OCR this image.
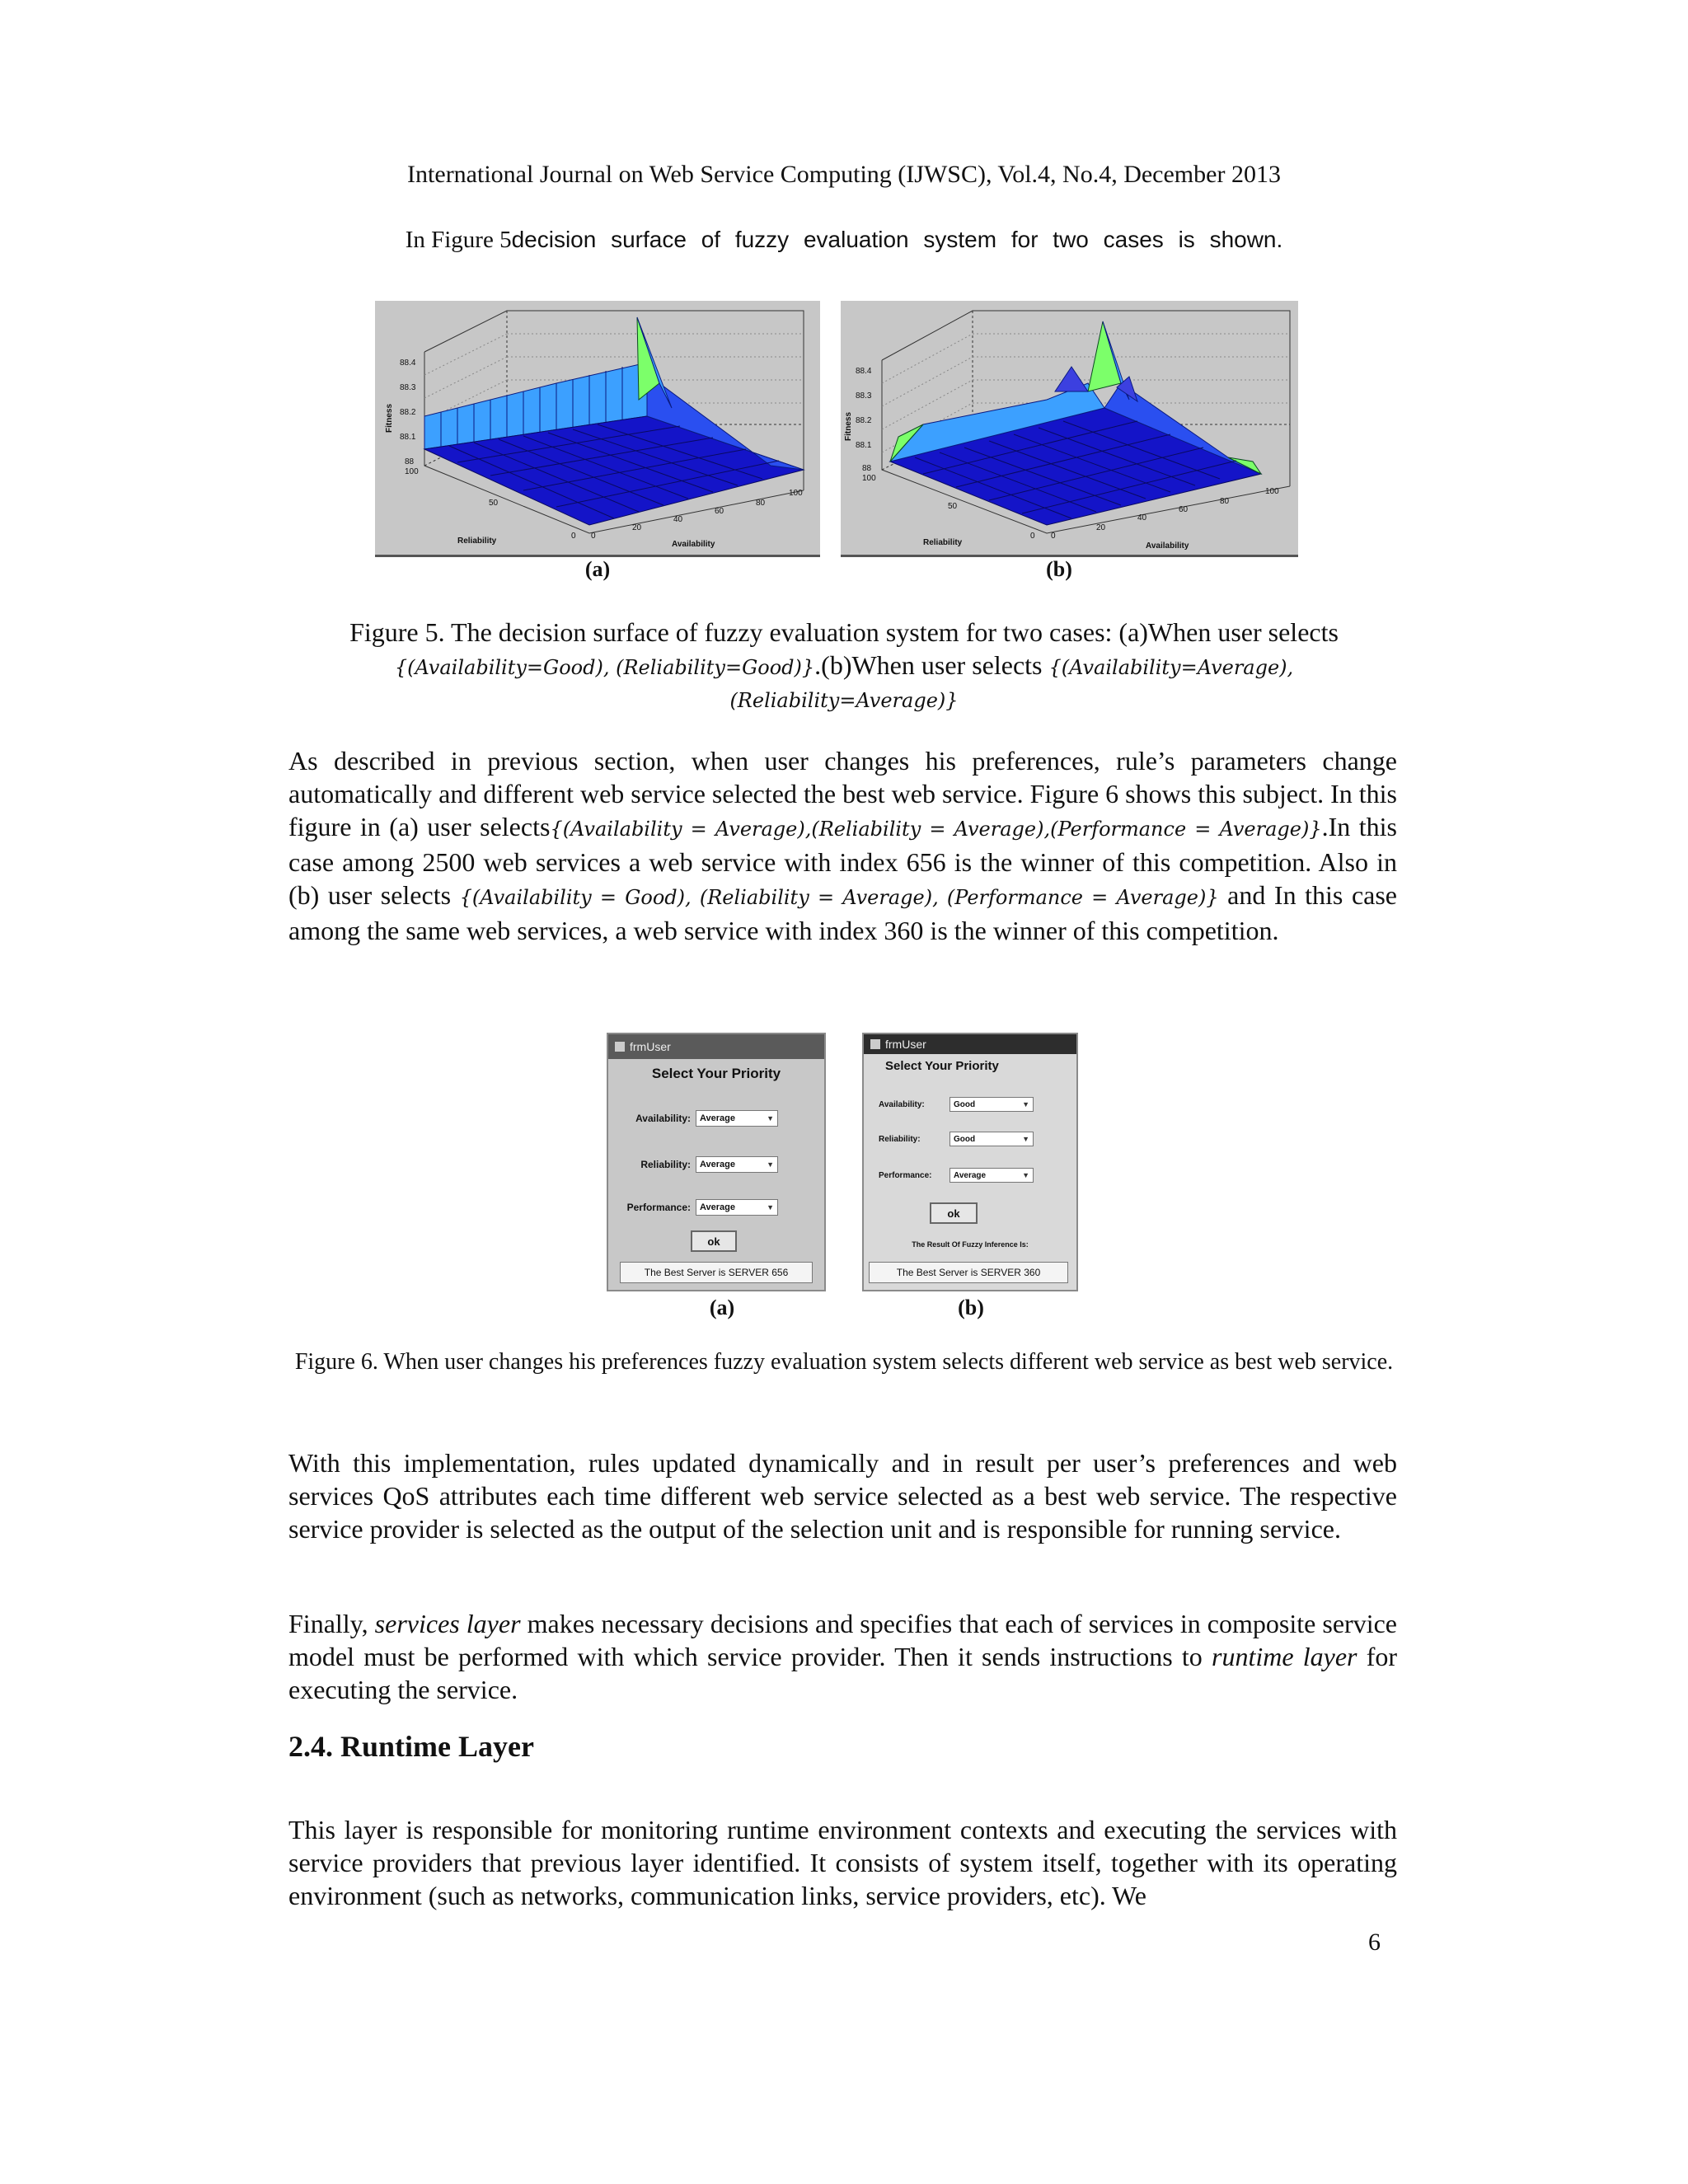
International Journal on Web Service Computing (IJWSC), Vol.4, No.4, December 2013
In Figure 5decision surface of fuzzy evaluation system for two cases is shown.
88.4
88.3
88.2
88.1
88
100
50
0 0
20
40
60
80
100
Reliability	Availability
Fitness
(a)
88.4
88.3
88.2
88.1
88
100
50
0 0
20
40
60
80
100
Reliability	Availability
Fitness
(b)
Figure 5. The decision surface of fuzzy evaluation system for two cases: (a)When user selects
{(Availability=Good), (Reliability=Good)}.(b)When user selects {(Availability=Average),
(Reliability=Average)}
As described in previous section, when user changes his preferences, rule’s parameters change automatically and different web service selected the best web service. Figure 6 shows this subject. In this figure in (a) user selects{(Availability = Average),(Reliability = Average),(Performance = Average)}.In this case among 2500 web services a web service with index 656 is the winner of this competition. Also in (b) user selects {(Availability = Good), (Reliability = Average), (Performance = Average)} and In this case among the same web services, a web service with index 360 is the winner of this competition.
frmUser
Select Your Priority
Availability:	Average	▼
Reliability:	Average	▼
Performance:	Average	▼
ok
The Best Server is SERVER 656
(a)
frmUser
Select Your Priority
Availability:	Good	▼
Reliability:	Good	▼
Performance:	Average	▼
ok
The Result Of Fuzzy Inference Is:
The Best Server is SERVER 360
(b)
Figure 6. When user changes his preferences fuzzy evaluation system selects different web service as best web service.
With this implementation, rules updated dynamically and in result per user’s preferences and web services QoS attributes each time different web service selected as a best web service. The respective service provider is selected as the output of the selection unit and is responsible for running service.
Finally, services layer makes necessary decisions and specifies that each of services in composite service model must be performed with which service provider. Then it sends instructions to runtime layer for executing the service.
2.4. Runtime Layer
This layer is responsible for monitoring runtime environment contexts and executing the services with service providers that previous layer identified. It consists of system itself, together with its operating environment (such as networks, communication links, service providers, etc). We
6
